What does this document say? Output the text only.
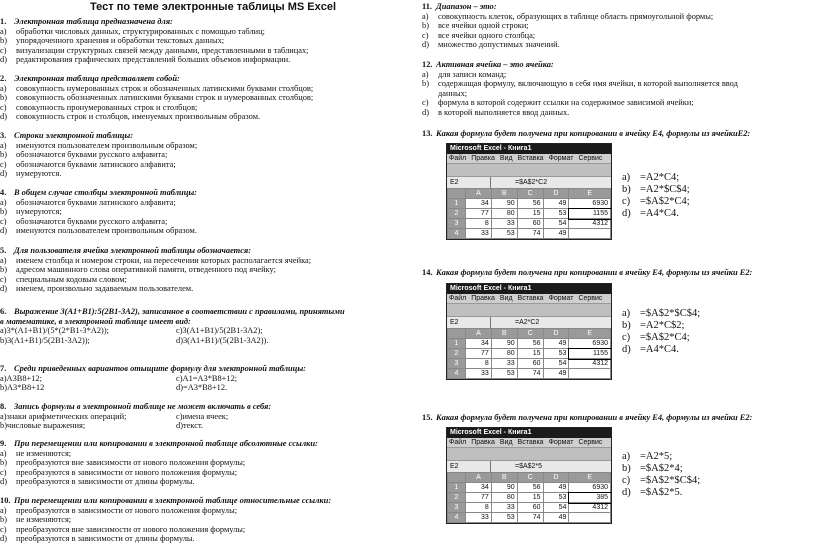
Тест по теме электронные таблицы MS Excel
1. Электронная таблица предназначена для:
a) обработки числовых данных, структурированных с помощью таблиц;
b) упорядоченного хранения и обработки текстовых данных;
c) визуализации структурных связей между данными, представленными в таблицах;
d) редактирования графических представлений больших объемов информации.
2. Электронная таблица представляет собой:
a) совокупность нумерованных строк и обозначенных латинскими буквами столбцов;
b) совокупность обозначенных латинскими буквами строк и нумерованных столбцов;
c) совокупность пронумерованных строк и столбцов;
d) совокупность строк и столбцов, именуемых произвольным образом.
3. Строки электронной таблицы:
a) именуются пользователем произвольным образом;
b) обозначаются буквами русского алфавита;
c) обозначаются буквами латинского алфавита;
d) нумеруются.
4. В общем случае столбцы электронной таблицы:
a) обозначаются буквами латинского алфавита;
b) нумеруются;
c) обозначаются буквами русского алфавита;
d) именуются пользователем произвольным образом.
5. Для пользователя ячейка электронной таблицы обозначается:
a) именем столбца и номером строки, на пересечении которых располагается ячейка;
b) адресом машинного слова оперативной памяти, отведенного под ячейку;
c) специальным кодовым словом;
d) именем, произвольно задаваемым пользователем.
6. Выражение 3(А1+В1):5(2В1-3А2), записанное в соответствии с правилами, принятыми
в математике, в электронной таблице имеет вид:
a)3*(A1+B1)/(5*(2*B1-3*A2));	c)3(A1+B1)/5(2B1-3A2);
b)3(A1+B1)/5(2B1-3A2));	d)3(A1+B1)/(5(2B1-3A2)).
7. Среди приведенных вариантов отыщите формулу для электронной таблицы:
a)A3B8+12;	c)A1=A3*B8+12;
b)A3*B8+12	d)=A3*B8+12.
8. Запись формулы в электронной таблице не может включать в себя:
a)знаки арифметических операций;	c)имена ячеек;
b)числовые выражения;	d)текст.
9. При перемещении или копировании в электронной таблице абсолютные ссылки:
a) не изменяются;
b) преобразуются вне зависимости от нового положения формулы;
c) преобразуются в зависимости от нового положения формулы;
d) преобразуются в зависимости от длины формулы.
10. При перемещении или копировании в электронной таблице относительные ссылки:
a) преобразуются в зависимости от нового положения формулы;
b) не изменяются;
c) преобразуются вне зависимости от нового положения формулы;
d) преобразуются в зависимости от длины формулы.
11. Диапазон – это:
a) совокупность клеток, образующих в таблице область прямоугольной формы;
b) все ячейки одной строки;
c) все ячейки одного столбца;
d) множество допустимых значений.
12. Активная ячейка – это ячейка:
a) для записи команд;
b) содержащая формулу, включающую в себя имя ячейки, в которой выполняется ввод
данных;
c) формула в которой содержит ссылки на содержимое зависимой ячейки;
d) в которой выполняется ввод данных.
13. Какая формула будет получена при копировании в ячейку Е4, формулы из ячейкиЕ2:
Microsoft Excel - Книга1
Файл Правка Вид Вставка Формат Сервис
E2	=$A$2*C2
	A	B	C	D	E
1	34	90	56	49	6930
2	77	80	15	53	1155
3	8	33	60	54	4312
4	33	53	74	49	
a) =A2*C4;
b) =A2*$C$4;
c) =$A$2*C4;
d) =A4*C4.
14. Какая формула будет получена при копировании в ячейку Е4, формулы из ячейки Е2:
Microsoft Excel - Книга1
Файл Правка Вид Вставка Формат Сервис
E2	=A2*C2
	A	B	C	D	E
1	34	90	56	49	6930
2	77	80	15	53	1155
3	8	33	60	54	4312
4	33	53	74	49	
a) =$A$2*$C$4;
b) =A2*C$2;
c) =$A$2*C4;
d) =A4*C4.
15. Какая формула будет получена при копировании в ячейку Е4, формулы из ячейки Е2:
Microsoft Excel - Книга1
Файл Правка Вид Вставка Формат Сервис
E2	=$A$2*5
	A	B	C	D	E
1	34	90	56	49	6930
2	77	80	15	53	385
3	8	33	60	54	4312
4	33	53	74	49	
a) =A2*5;
b) =$A$2*4;
c) =$A$2*$C$4;
d) =$A$2*5.
